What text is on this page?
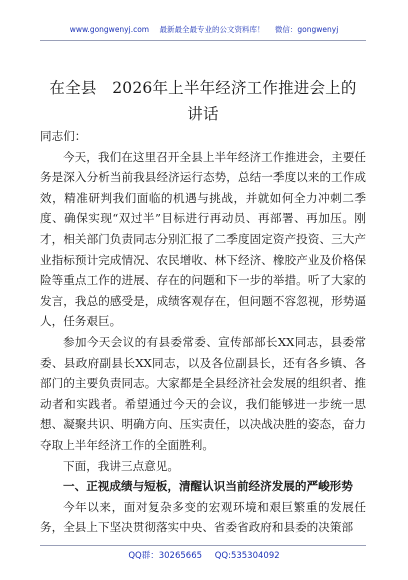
www.gongwenyj.com 最新最全最专业的公文资料库！ 微信：gongwenyj
在全县　2026年上半年经济工作推进会上的
讲话

同志们：

今天，我们在这里召开全县上半年经济工作推进会，主要任务是深入分析当前我县经济运行态势，总结一季度以来的工作成效，精准研判我们面临的机遇与挑战，并就如何全力冲刺二季度、确保实现“双过半”目标进行再动员、再部署、再加压。刚才，相关部门负责同志分别汇报了二季度固定资产投资、三大产业指标预计完成情况、农民增收、林下经济、橡胶产业及价格保险等重点工作的进展、存在的问题和下一步的举措。听了大家的发言，我总的感受是，成绩客观存在，但问题不容忽视，形势逼人，任务艰巨。

参加今天会议的有县委常委、宣传部部长XX同志，县委常委、县政府副县长XX同志，以及各位副县长，还有各乡镇、各部门的主要负责同志。大家都是全县经济社会发展的组织者、推动者和实践者。希望通过今天的会议，我们能够进一步统一思想、凝聚共识、明确方向、压实责任，以决战决胜的姿态，奋力夺取上半年经济工作的全面胜利。

下面，我讲三点意见。

一、正视成绩与短板，清醒认识当前经济发展的严峻形势

今年以来，面对复杂多变的宏观环境和艰巨繁重的发展任务，全县上下坚决贯彻落实中央、省委省政府和县委的决策部

QQ群：30265665 QQ:535304092
